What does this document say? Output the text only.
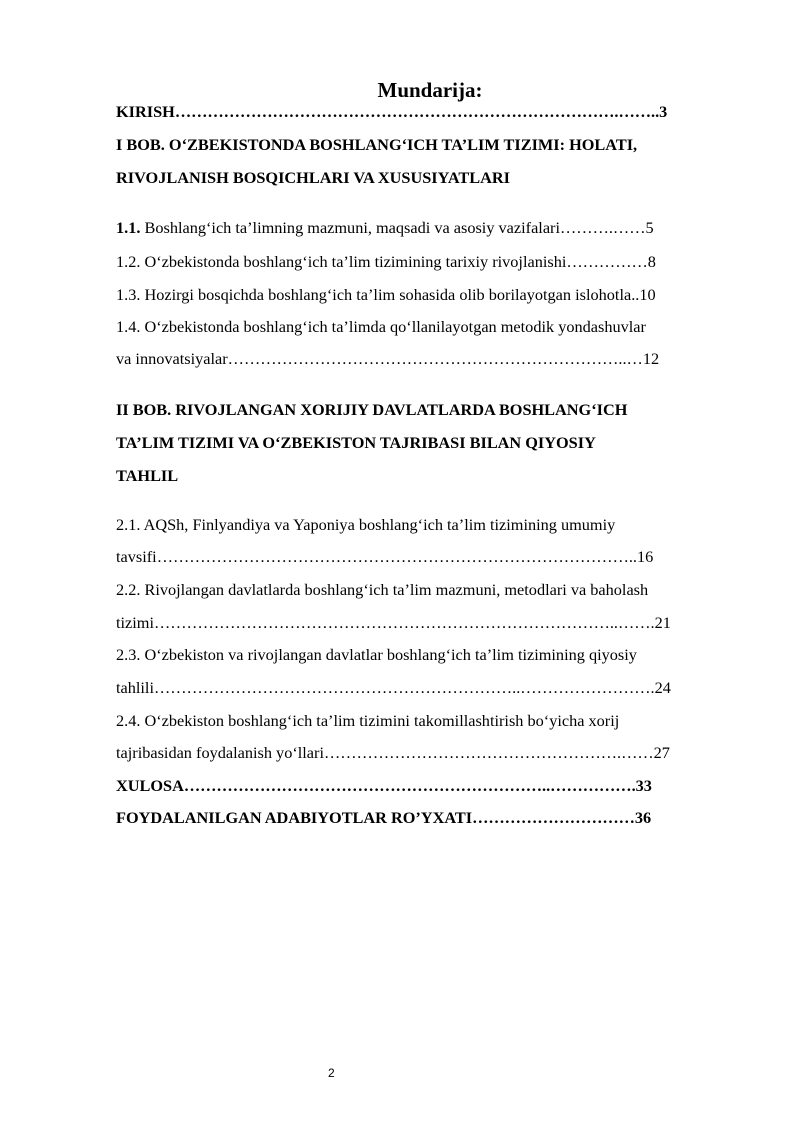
Mundarija:
KIRISH……………………………………………………………………….……..3
I BOB. O‘ZBEKISTONDA BOSHLANG‘ICH TA’LIM TIZIMI: HOLATI,
RIVOJLANISH BOSQICHLARI VA XUSUSIYATLARI
1.1. Boshlang‘ich ta’limning mazmuni, maqsadi va asosiy vazifalari……….……5
1.2. O‘zbekistonda boshlang‘ich ta’lim tizimining tarixiy rivojlanishi……………8
1.3. Hozirgi bosqichda boshlang‘ich ta’lim sohasida olib borilayotgan islohotla..10
1.4. O‘zbekistonda boshlang‘ich ta’limda qo‘llanilayotgan metodik yondashuvlar
va innovatsiyalar………………………………………………………………..…12
II BOB. RIVOJLANGAN XORIJIY DAVLATLARDA BOSHLANG‘ICH
TA’LIM TIZIMI VA O‘ZBEKISTON TAJRIBASI BILAN QIYOSIY
TAHLIL
2.1. AQSh, Finlyandiya va Yaponiya boshlang‘ich ta’lim tizimining umumiy
tavsifi……………………………………………………………………………..16
2.2. Rivojlangan davlatlarda boshlang‘ich ta’lim mazmuni, metodlari va baholash
tizimi…………………………………………………………………………..…….21
2.3. O‘zbekiston va rivojlangan davlatlar boshlang‘ich ta’lim tizimining qiyosiy
tahlili…………………………………………………………..…………………….24
2.4. O‘zbekiston boshlang‘ich ta’lim tizimini takomillashtirish bo‘yicha xorij
tajribasidan foydalanish yo‘llari……………………………………………….……27
XULOSA…………………………………………………………..…………….33
FOYDALANILGAN ADABIYOTLAR RO’YXATI…………………………36
2
